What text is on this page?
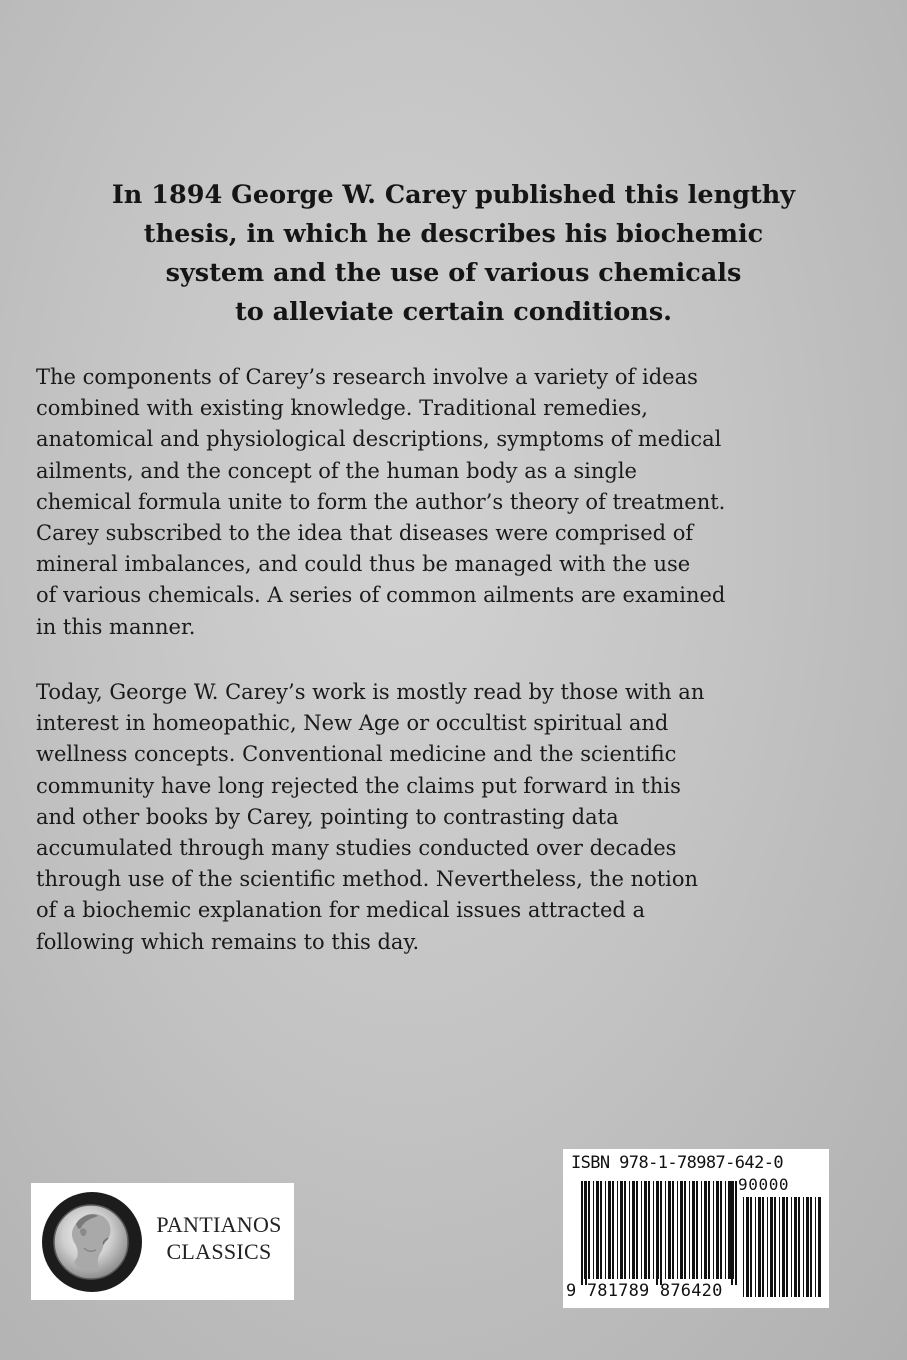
In 1894 George W. Carey published this lengthy
thesis, in which he describes his biochemic
system and the use of various chemicals
to alleviate certain conditions.

The components of Carey’s research involve a variety of ideas
combined with existing knowledge. Traditional remedies,
anatomical and physiological descriptions, symptoms of medical
ailments, and the concept of the human body as a single
chemical formula unite to form the author’s theory of treatment.
Carey subscribed to the idea that diseases were comprised of
mineral imbalances, and could thus be managed with the use
of various chemicals. A series of common ailments are examined
in this manner.

Today, George W. Carey’s work is mostly read by those with an
interest in homeopathic, New Age or occultist spiritual and
wellness concepts. Conventional medicine and the scientific
community have long rejected the claims put forward in this
and other books by Carey, pointing to contrasting data
accumulated through many studies conducted over decades
through use of the scientific method. Nevertheless, the notion
of a biochemic explanation for medical issues attracted a
following which remains to this day.

PANTIANOS
CLASSICS
ISBN 978-1-78987-642-0
90000
9 781789 876420
